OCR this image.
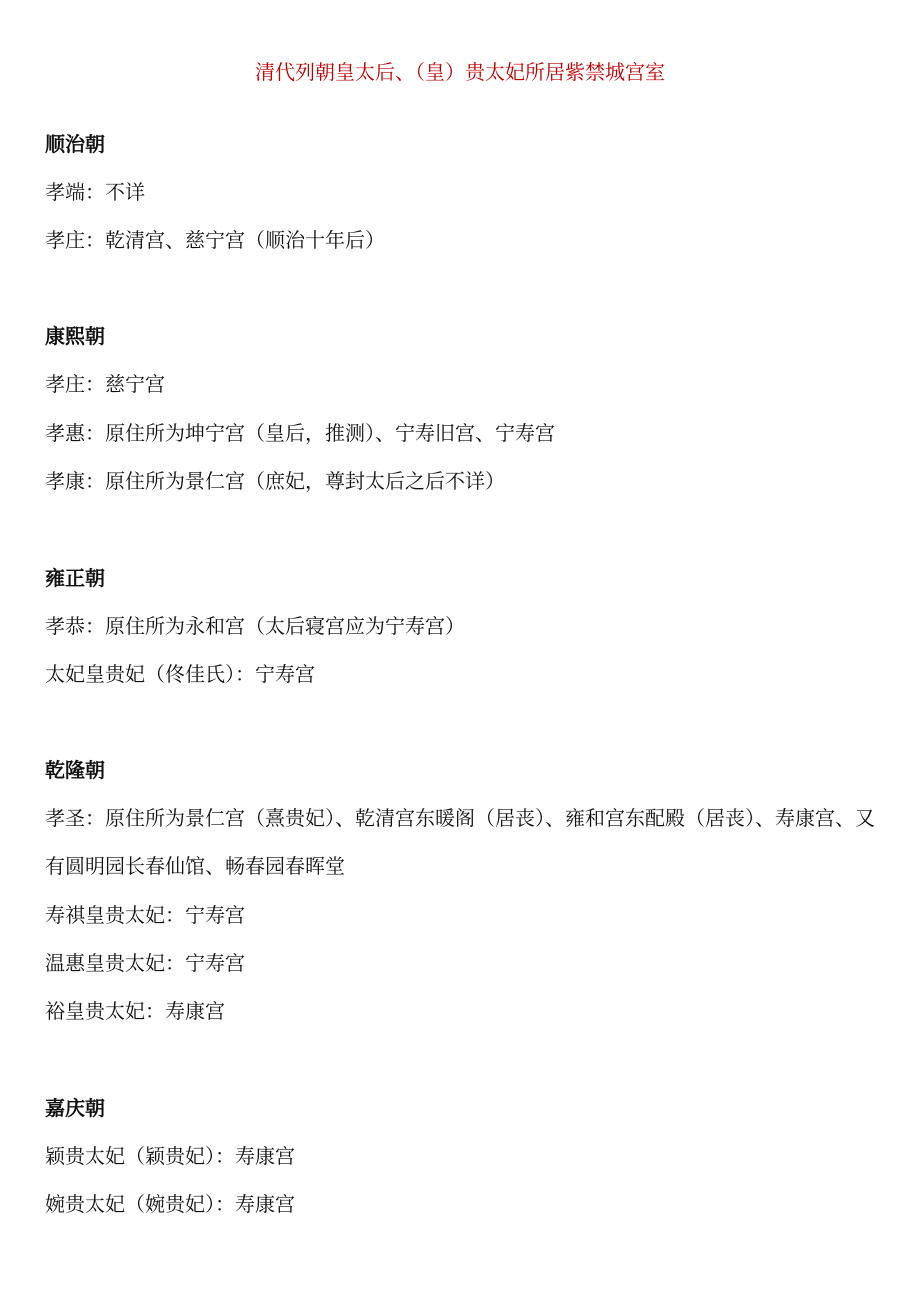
清代列朝皇太后、（皇）贵太妃所居紫禁城宫室

顺治朝

孝端：不详

孝庄：乾清宫、慈宁宫（顺治十年后）

康熙朝

孝庄：慈宁宫

孝惠：原住所为坤宁宫（皇后，推测）、宁寿旧宫、宁寿宫

孝康：原住所为景仁宫（庶妃，尊封太后之后不详）

雍正朝

孝恭：原住所为永和宫（太后寝宫应为宁寿宫）

太妃皇贵妃（佟佳氏）：宁寿宫

乾隆朝

孝圣：原住所为景仁宫（熹贵妃）、乾清宫东暖阁（居丧）、雍和宫东配殿（居丧）、寿康宫、又有圆明园长春仙馆、畅春园春晖堂

寿祺皇贵太妃：宁寿宫

温惠皇贵太妃：宁寿宫

裕皇贵太妃：寿康宫

嘉庆朝

颖贵太妃（颖贵妃）：寿康宫

婉贵太妃（婉贵妃）：寿康宫
